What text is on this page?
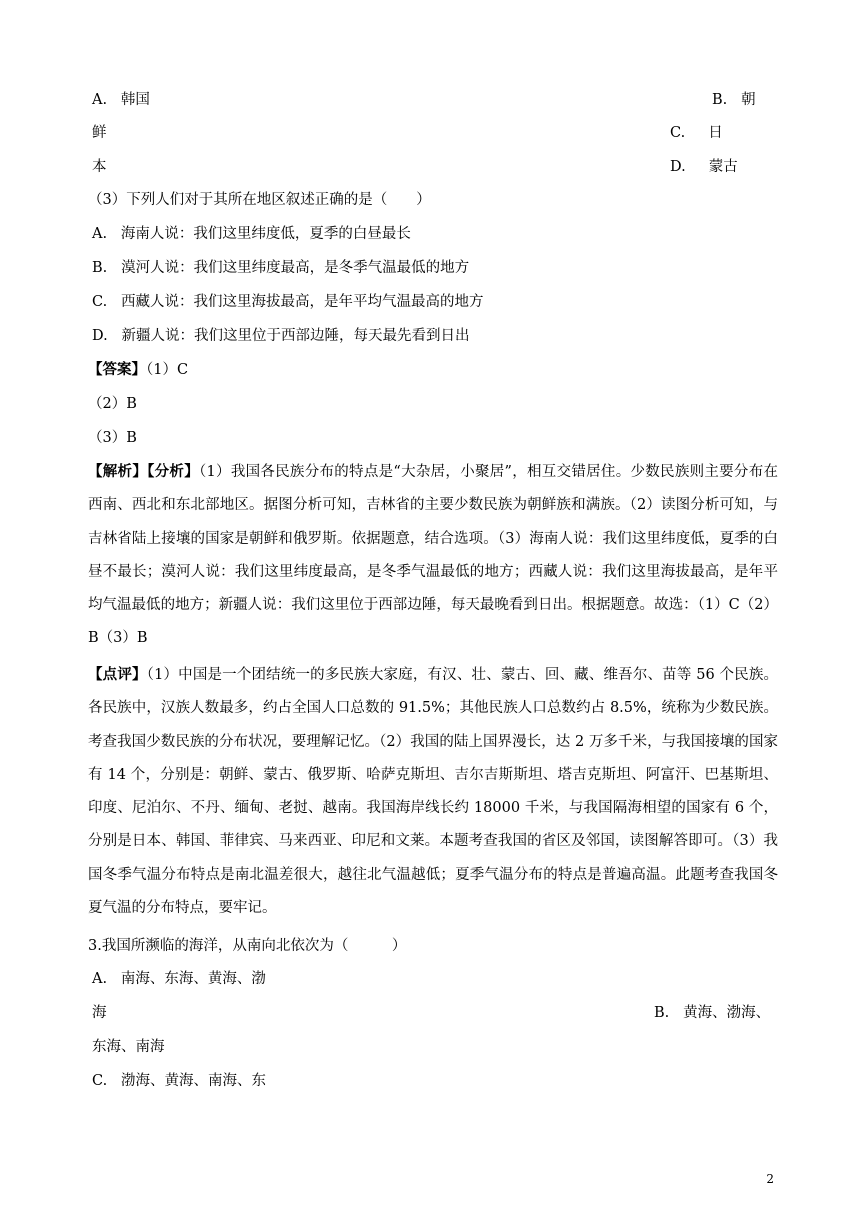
A. 韩国	B. 朝
鲜	C. 日
本	D. 蒙古
（3）下列人们对于其所在地区叙述正确的是（　　）
A. 海南人说：我们这里纬度低，夏季的白昼最长
B. 漠河人说：我们这里纬度最高，是冬季气温最低的地方
C. 西藏人说：我们这里海拔最高，是年平均气温最高的地方
D. 新疆人说：我们这里位于西部边陲，每天最先看到日出
【答案】（1）C
（2）B
（3）B
【解析】【分析】（1）我国各民族分布的特点是“大杂居，小聚居”，相互交错居住。少数民族则主要分布在西南、西北和东北部地区。据图分析可知，吉林省的主要少数民族为朝鲜族和满族。（2）读图分析可知，与吉林省陆上接壤的国家是朝鲜和俄罗斯。依据题意，结合选项。（3）海南人说：我们这里纬度低，夏季的白昼不最长；漠河人说：我们这里纬度最高，是冬季气温最低的地方；西藏人说：我们这里海拔最高，是年平均气温最低的地方；新疆人说：我们这里位于西部边陲，每天最晚看到日出。根据题意。故选：（1）C（2）B（3）B
【点评】（1）中国是一个团结统一的多民族大家庭，有汉、壮、蒙古、回、藏、维吾尔、苗等 56 个民族。各民族中，汉族人数最多，约占全国人口总数的 91.5%；其他民族人口总数约占 8.5%，统称为少数民族。考查我国少数民族的分布状况，要理解记忆。（2）我国的陆上国界漫长，达 2 万多千米，与我国接壤的国家有 14 个，分别是：朝鲜、蒙古、俄罗斯、哈萨克斯坦、吉尔吉斯斯坦、塔吉克斯坦、阿富汗、巴基斯坦、印度、尼泊尔、不丹、缅甸、老挝、越南。我国海岸线长约 18000 千米，与我国隔海相望的国家有 6 个，分别是日本、韩国、菲律宾、马来西亚、印尼和文莱。本题考查我国的省区及邻国，读图解答即可。（3）我国冬季气温分布特点是南北温差很大，越往北气温越低；夏季气温分布的特点是普遍高温。此题考查我国冬夏气温的分布特点，要牢记。
3.我国所濒临的海洋，从南向北依次为（　　　）
A. 南海、东海、黄海、渤
海	B. 黄海、渤海、
东海、南海
C. 渤海、黄海、南海、东
2
